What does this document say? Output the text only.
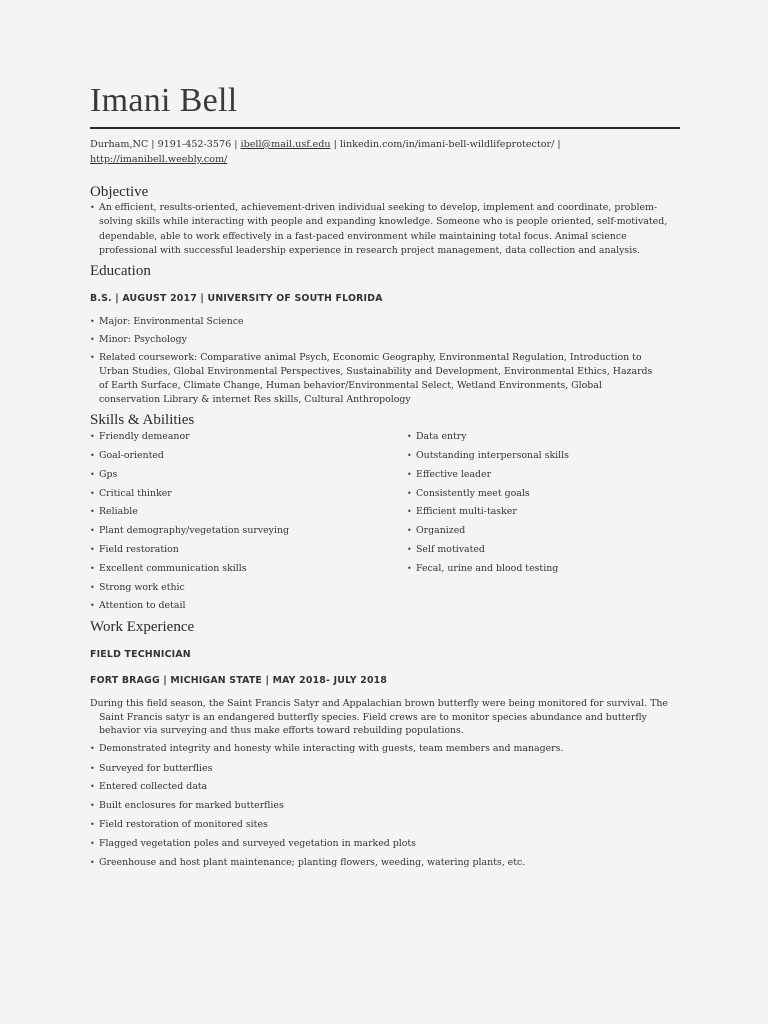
Imani Bell
Durham,NC | 9191-452-3576 | ibell@mail.usf.edu | linkedin.com/in/imani-bell-wildlifeprotector/ |
http://imanibell.weebly.com/
Objective
• An efficient, results-oriented, achievement-driven individual seeking to develop, implement and coordinate, problem-solving skills while interacting with people and expanding knowledge. Someone who is people oriented, self-motivated, dependable, able to work effectively in a fast-paced environment while maintaining total focus. Animal science professional with successful leadership experience in research project management, data collection and analysis.
Education
B.S. | AUGUST 2017 | UNIVERSITY OF SOUTH FLORIDA
• Major: Environmental Science
• Minor: Psychology
• Related coursework: Comparative animal Psych, Economic Geography, Environmental Regulation, Introduction to Urban Studies, Global Environmental Perspectives, Sustainability and Development, Environmental Ethics, Hazards of Earth Surface, Climate Change, Human behavior/Environmental Select, Wetland Environments, Global conservation Library & internet Res skills, Cultural Anthropology
Skills & Abilities
• Friendly demeanor
• Goal-oriented
• Gps
• Critical thinker
• Reliable
• Plant demography/vegetation surveying
• Field restoration
• Excellent communication skills
• Strong work ethic
• Attention to detail
• Data entry
• Outstanding interpersonal skills
• Effective leader
• Consistently meet goals
• Efficient multi-tasker
• Organized
• Self motivated
• Fecal, urine and blood testing
Work Experience
FIELD TECHNICIAN
FORT BRAGG | MICHIGAN STATE | MAY 2018- JULY 2018
During this field season, the Saint Francis Satyr and Appalachian brown butterfly were being monitored for survival. The Saint Francis satyr is an endangered butterfly species. Field crews are to monitor species abundance and butterfly behavior via surveying and thus make efforts toward rebuilding populations.
• Demonstrated integrity and honesty while interacting with guests, team members and managers.
• Surveyed for butterflies
• Entered collected data
• Built enclosures for marked butterflies
• Field restoration of monitored sites
• Flagged vegetation poles and surveyed vegetation in marked plots
• Greenhouse and host plant maintenance; planting flowers, weeding, watering plants, etc.
